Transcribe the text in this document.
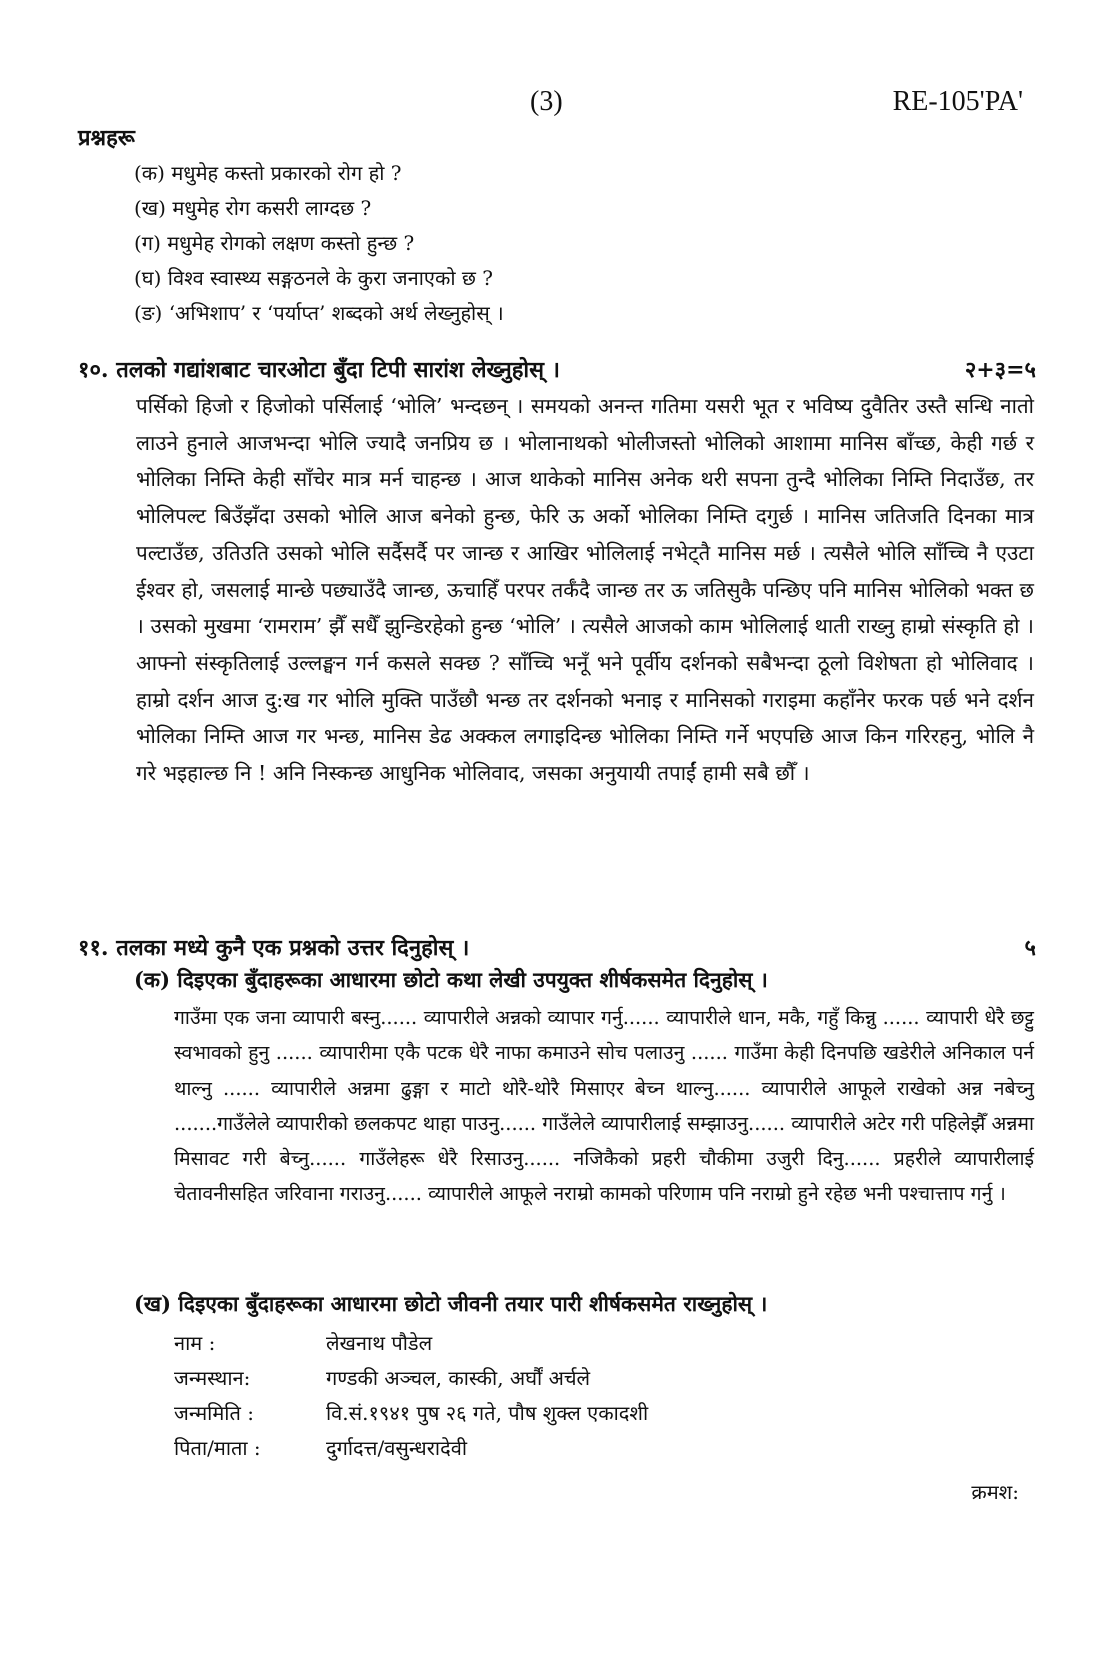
(3)	RE-105'PA'
प्रश्नहरू
(क) मधुमेह कस्तो प्रकारको रोग हो ?
(ख) मधुमेह रोग कसरी लाग्दछ ?
(ग) मधुमेह रोगको लक्षण कस्तो हुन्छ ?
(घ) विश्व स्वास्थ्य सङ्गठनले के कुरा जनाएको छ ?
(ङ) ‘अभिशाप’ र ‘पर्याप्त’ शब्दको अर्थ लेख्नुहोस् ।
१०. तलको गद्यांशबाट चारओटा बुँदा टिपी सारांश लेख्नुहोस् ।	२+३=५
पर्सिको हिजो र हिजोको पर्सिलाई ‘भोलि’ भन्दछन् । समयको अनन्त गतिमा यसरी भूत र भविष्य दुवैतिर उस्तै सन्धि नातो लाउने हुनाले आजभन्दा भोलि ज्यादै जनप्रिय छ । भोलानाथको भोलीजस्तो भोलिको आशामा मानिस बाँच्छ, केही गर्छ र भोलिका निम्ति केही साँचेर मात्र मर्न चाहन्छ । आज थाकेको मानिस अनेक थरी सपना तुन्दै भोलिका निम्ति निदाउँछ, तर भोलिपल्ट बिउँझँदा उसको भोलि आज बनेको हुन्छ, फेरि ऊ अर्को भोलिका निम्ति दगुर्छ । मानिस जतिजति दिनका मात्र पल्टाउँछ, उतिउति उसको भोलि सर्दैसर्दै पर जान्छ र आखिर भोलिलाई नभेट्तै मानिस मर्छ । त्यसैले भोलि साँच्चि नै एउटा ईश्वर हो, जसलाई मान्छे पछ्याउँदै जान्छ, ऊचाहिँ परपर तर्कँदै जान्छ तर ऊ जतिसुकै पन्छिए पनि मानिस भोलिको भक्त छ । उसको मुखमा ‘रामराम’ झैँ सधैँ झुन्डिरहेको हुन्छ ‘भोलि’ । त्यसैले आजको काम भोलिलाई थाती राख्नु हाम्रो संस्कृति हो । आफ्नो संस्कृतिलाई उल्लङ्घन गर्न कसले सक्छ ? साँच्चि भनूँ भने पूर्वीय दर्शनको सबैभन्दा ठूलो विशेषता हो भोलिवाद । हाम्रो दर्शन आज दु:ख गर भोलि मुक्ति पाउँछौ भन्छ तर दर्शनको भनाइ र मानिसको गराइमा कहाँनेर फरक पर्छ भने दर्शन भोलिका निम्ति आज गर भन्छ, मानिस डेढ अक्कल लगाइदिन्छ भोलिका निम्ति गर्ने भएपछि आज किन गरिरहनु, भोलि नै गरे भइहाल्छ नि ! अनि निस्कन्छ आधुनिक भोलिवाद, जसका अनुयायी तपाईं हामी सबै छौँ ।
११. तलका मध्ये कुनै एक प्रश्नको उत्तर दिनुहोस् ।	५
(क) दिइएका बुँदाहरूका आधारमा छोटो कथा लेखी उपयुक्त शीर्षकसमेत दिनुहोस् ।
गाउँमा एक जना व्यापारी बस्नु...... व्यापारीले अन्नको व्यापार गर्नु...... व्यापारीले धान, मकै, गहुँ किन्नु ...... व्यापारी धेरै छट्टु स्वभावको हुनु ...... व्यापारीमा एकै पटक धेरै नाफा कमाउने सोच पलाउनु ...... गाउँमा केही दिनपछि खडेरीले अनिकाल पर्न थाल्नु ...... व्यापारीले अन्नमा ढुङ्गा र माटो थोरै-थोरै मिसाएर बेच्न थाल्नु...... व्यापारीले आफूले राखेको अन्न नबेच्नु .......गाउँलेले व्यापारीको छलकपट थाहा पाउनु...... गाउँलेले व्यापारीलाई सम्झाउनु...... व्यापारीले अटेर गरी पहिलेझैँ अन्नमा मिसावट गरी बेच्नु...... गाउँलेहरू धेरै रिसाउनु...... नजिकैको प्रहरी चौकीमा उजुरी दिनु...... प्रहरीले व्यापारीलाई चेतावनीसहित जरिवाना गराउनु...... व्यापारीले आफूले नराम्रो कामको परिणाम पनि नराम्रो हुने रहेछ भनी पश्चात्ताप गर्नु ।
(ख) दिइएका बुँदाहरूका आधारमा छोटो जीवनी तयार पारी शीर्षकसमेत राख्नुहोस् ।
नाम :	लेखनाथ पौडेल
जन्मस्थान:	गण्डकी अञ्चल, कास्की, अर्घौं अर्चले
जन्ममिति :	वि.सं.१९४१ पुष २६ गते, पौष शुक्ल एकादशी
पिता/माता :	दुर्गादत्त/वसुन्धरादेवी
क्रमश:
